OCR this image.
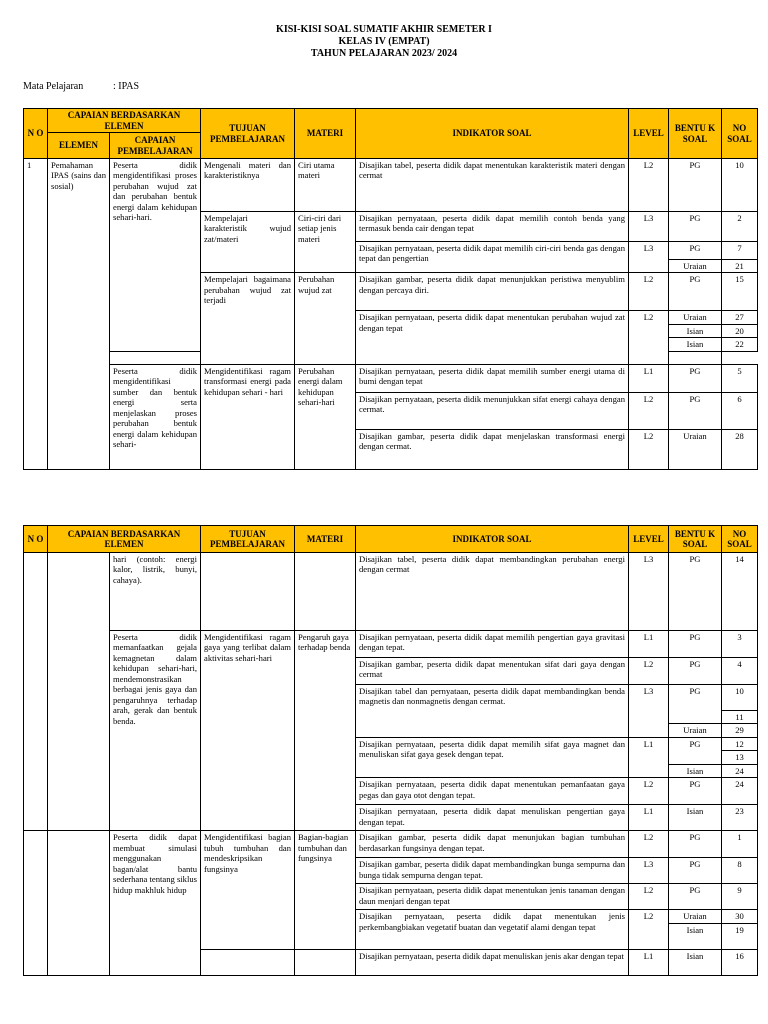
KISI-KISI SOAL SUMATIF AKHIR SEMETER I
KELAS IV (EMPAT)
TAHUN PELAJARAN 2023/ 2024
Mata Pelajaran	: IPAS
N O	CAPAIAN BERDASARKAN ELEMEN		TUJUAN PEMBELAJARAN	MATERI	INDIKATOR SOAL	LEVEL	BENTU K SOAL	NO SOAL
	ELEMEN	CAPAIAN PEMBELAJARAN						
1	Pemahaman IPAS (sains dan sosial)	Peserta didik mengidentifikasi proses perubahan wujud zat dan perubahan bentuk energi dalam kehidupan sehari-hari.	Mengenali materi dan karakteristiknya	Ciri utama materi	Disajikan tabel, peserta didik dapat menentukan karakteristik materi dengan cermat	L2	PG	10
			Mempelajari karakteristik wujud zat/materi	Ciri-ciri dari setiap jenis materi	Disajikan pernyataan, peserta didik dapat memilih contoh benda yang termasuk benda cair dengan tepat	L3	PG	2
					Disajikan pernyataan, peserta didik dapat memilih ciri-ciri benda gas dengan tepat dan pengertian	L3	PG	7
							Uraian	21
			Mempelajari bagaimana perubahan wujud zat terjadi	Perubahan wujud zat	Disajikan gambar, peserta didik dapat menunjukkan peristiwa menyublim dengan percaya diri.	L2	PG	15
					Disajikan pernyataan, peserta didik dapat menentukan perubahan wujud zat dengan tepat	L2	Uraian	27
							Isian	20
							Isian	22

		Peserta didik mengidentifikasi sumber dan bentuk energi serta menjelaskan proses perubahan bentuk energi dalam kehidupan sehari-	Mengidentifikasi ragam transformasi energi pada kehidupan sehari - hari	Perubahan energi dalam kehidupan sehari-hari	Disajikan pernyataan, peserta didik dapat memilih sumber energi utama di bumi dengan tepat	L1	PG	5
					Disajikan pernyataan, peserta didik menunjukkan sifat energi cahaya dengan cermat.	L2	PG	6
					Disajikan gambar, peserta didik dapat menjelaskan transformasi energi dengan cermat.	L2	Uraian	28

N O	CAPAIAN BERDASARKAN ELEMEN		TUJUAN PEMBELAJARAN	MATERI	INDIKATOR SOAL	LEVEL	BENTU K SOAL	NO SOAL
		hari (contoh: energi kalor, listrik, bunyi, cahaya).			Disajikan tabel, peserta didik dapat membandingkan perubahan energi dengan cermat	L3	PG	14
		Peserta didik memanfaatkan gejala kemagnetan dalam kehidupan sehari-hari, mendemonstrasikan berbagai jenis gaya dan pengaruhnya terhadap arah, gerak dan bentuk benda.	Mengidentifikasi ragam gaya yang terlibat dalam aktivitas sehari-hari	Pengaruh gaya terhadap benda	Disajikan pernyataan, peserta didik dapat memilih pengertian gaya gravitasi dengan tepat.	L1	PG	3
					Disajikan gambar, peserta didik dapat menentukan sifat dari gaya dengan cermat	L2	PG	4
					Disajikan tabel dan pernyataan, peserta didik dapat membandingkan benda magnetis dan nonmagnetis dengan cermat.	L3	PG	10
								11
							Uraian	29
					Disajikan pernyataan, peserta didik dapat memilih sifat gaya magnet dan menuliskan sifat gaya gesek dengan tepat.	L1	PG	12
								13
							Isian	24
					Disajikan pernyataan, peserta didik dapat menentukan pemanfaatan gaya pegas dan gaya otot dengan tepat.	L2	PG	24
					Disajikan pernyataan, peserta didik dapat menuliskan pengertian gaya dengan tepat.	L1	Isian	23
		Peserta didik dapat membuat simulasi menggunakan bagan/alat bantu sederhana tentang siklus hidup makhluk hidup	Mengidentifikasi bagian tubuh tumbuhan dan mendeskripsikan fungsinya	Bagian-bagian tumbuhan dan fungsinya	Disajikan gambar, peserta didik dapat menunjukan bagian tumbuhan berdasarkan fungsinya dengan tepat.	L2	PG	1
					Disajikan gambar, peserta didik dapat membandingkan bunga sempurna dan bunga tidak sempurna dengan tepat.	L3	PG	8
					Disajikan pernyataan, peserta didik dapat menentukan jenis tanaman dengan daun menjari dengan tepat	L2	PG	9
					Disajikan pernyataan, peserta didik dapat menentukan jenis perkembangbiakan vegetatif buatan dan vegetatif alami dengan tepat	L2	Uraian	30
							Isian	19

					Disajikan pernyataan, peserta didik dapat menuliskan jenis akar dengan tepat	L1	Isian	16
